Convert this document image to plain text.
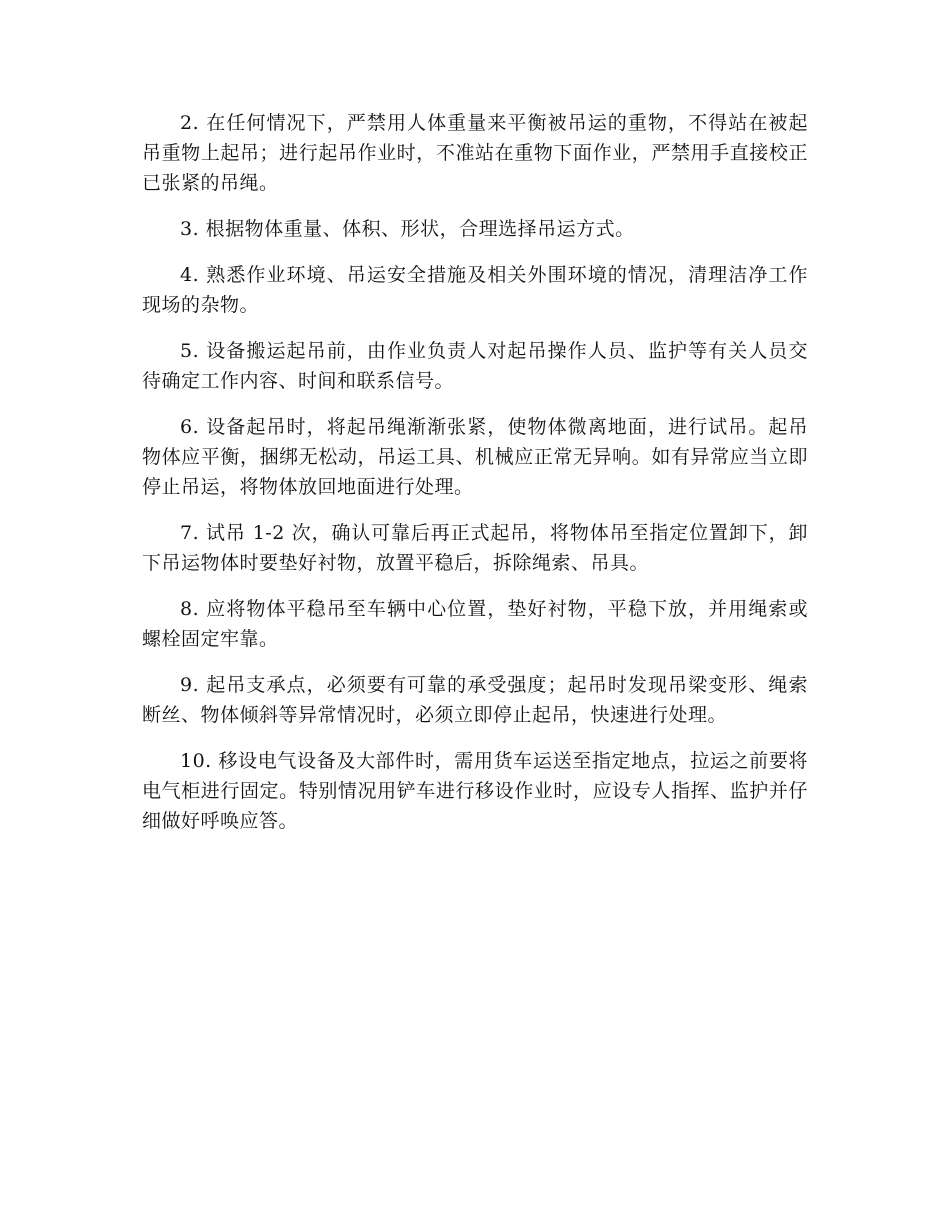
2. 在任何情况下，严禁用人体重量来平衡被吊运的重物，不得站在被起吊重物上起吊；进行起吊作业时，不准站在重物下面作业，严禁用手直接校正已张紧的吊绳。

3. 根据物体重量、体积、形状，合理选择吊运方式。

4. 熟悉作业环境、吊运安全措施及相关外围环境的情况，清理洁净工作现场的杂物。

5. 设备搬运起吊前，由作业负责人对起吊操作人员、监护等有关人员交待确定工作内容、时间和联系信号。

6. 设备起吊时，将起吊绳渐渐张紧，使物体微离地面，进行试吊。起吊物体应平衡，捆绑无松动，吊运工具、机械应正常无异响。如有异常应当立即停止吊运，将物体放回地面进行处理。

7. 试吊 1-2 次，确认可靠后再正式起吊，将物体吊至指定位置卸下，卸下吊运物体时要垫好衬物，放置平稳后，拆除绳索、吊具。

8. 应将物体平稳吊至车辆中心位置，垫好衬物，平稳下放，并用绳索或螺栓固定牢靠。

9. 起吊支承点，必须要有可靠的承受强度；起吊时发现吊梁变形、绳索断丝、物体倾斜等异常情况时，必须立即停止起吊，快速进行处理。

10. 移设电气设备及大部件时，需用货车运送至指定地点，拉运之前要将电气柜进行固定。特别情况用铲车进行移设作业时，应设专人指挥、监护并仔细做好呼唤应答。
